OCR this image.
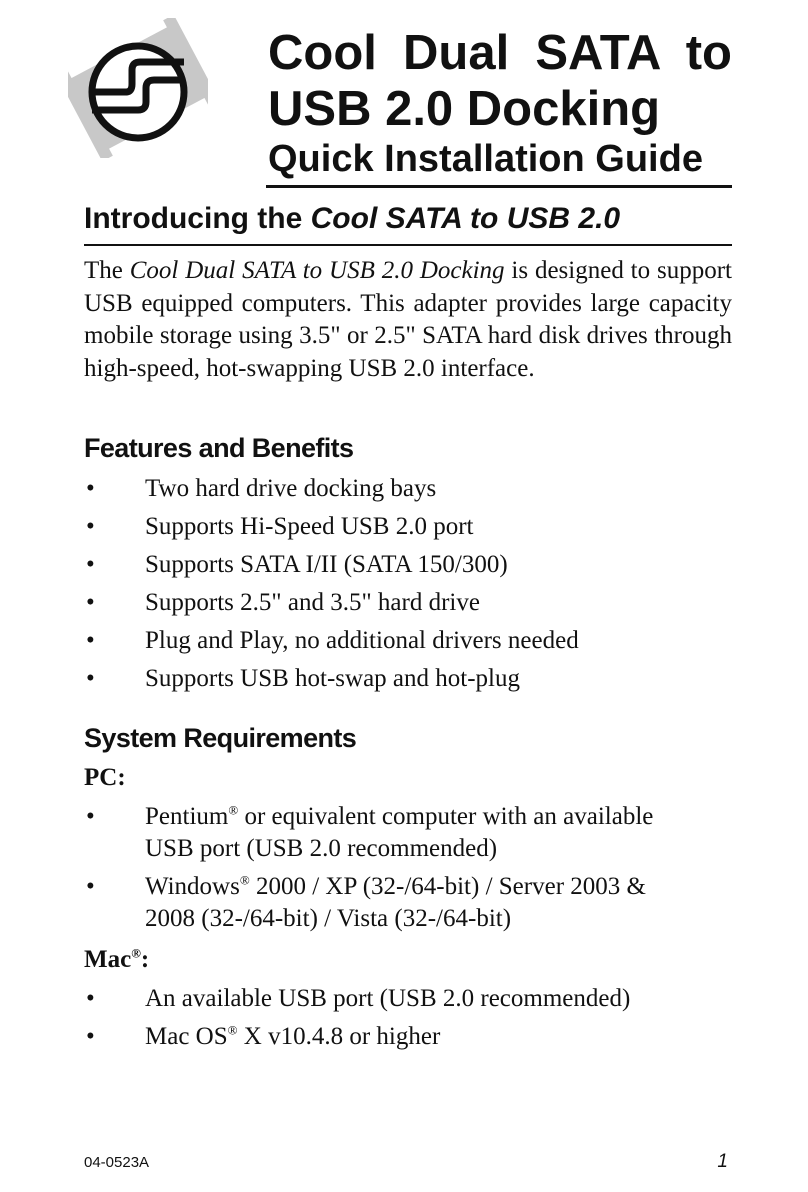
Cool Dual SATA to
USB 2.0 Docking
Quick Installation Guide
Introducing the Cool SATA to USB 2.0
The Cool Dual SATA to USB 2.0 Docking is designed to support USB equipped computers. This adapter provides large capacity mobile storage using 3.5" or 2.5" SATA hard disk drives through high-speed, hot-swapping USB 2.0 interface.
Features and Benefits
• Two hard drive docking bays
• Supports Hi-Speed USB 2.0 port
• Supports SATA I/II (SATA 150/300)
• Supports 2.5" and 3.5" hard drive
• Plug and Play, no additional drivers needed
• Supports USB hot-swap and hot-plug
System Requirements
PC:
• Pentium® or equivalent computer with an available
USB port (USB 2.0 recommended)
• Windows® 2000 / XP (32-/64-bit) / Server 2003 &
2008 (32-/64-bit) / Vista (32-/64-bit)
Mac®:
• An available USB port (USB 2.0 recommended)
• Mac OS® X v10.4.8 or higher
04-0523A	1
